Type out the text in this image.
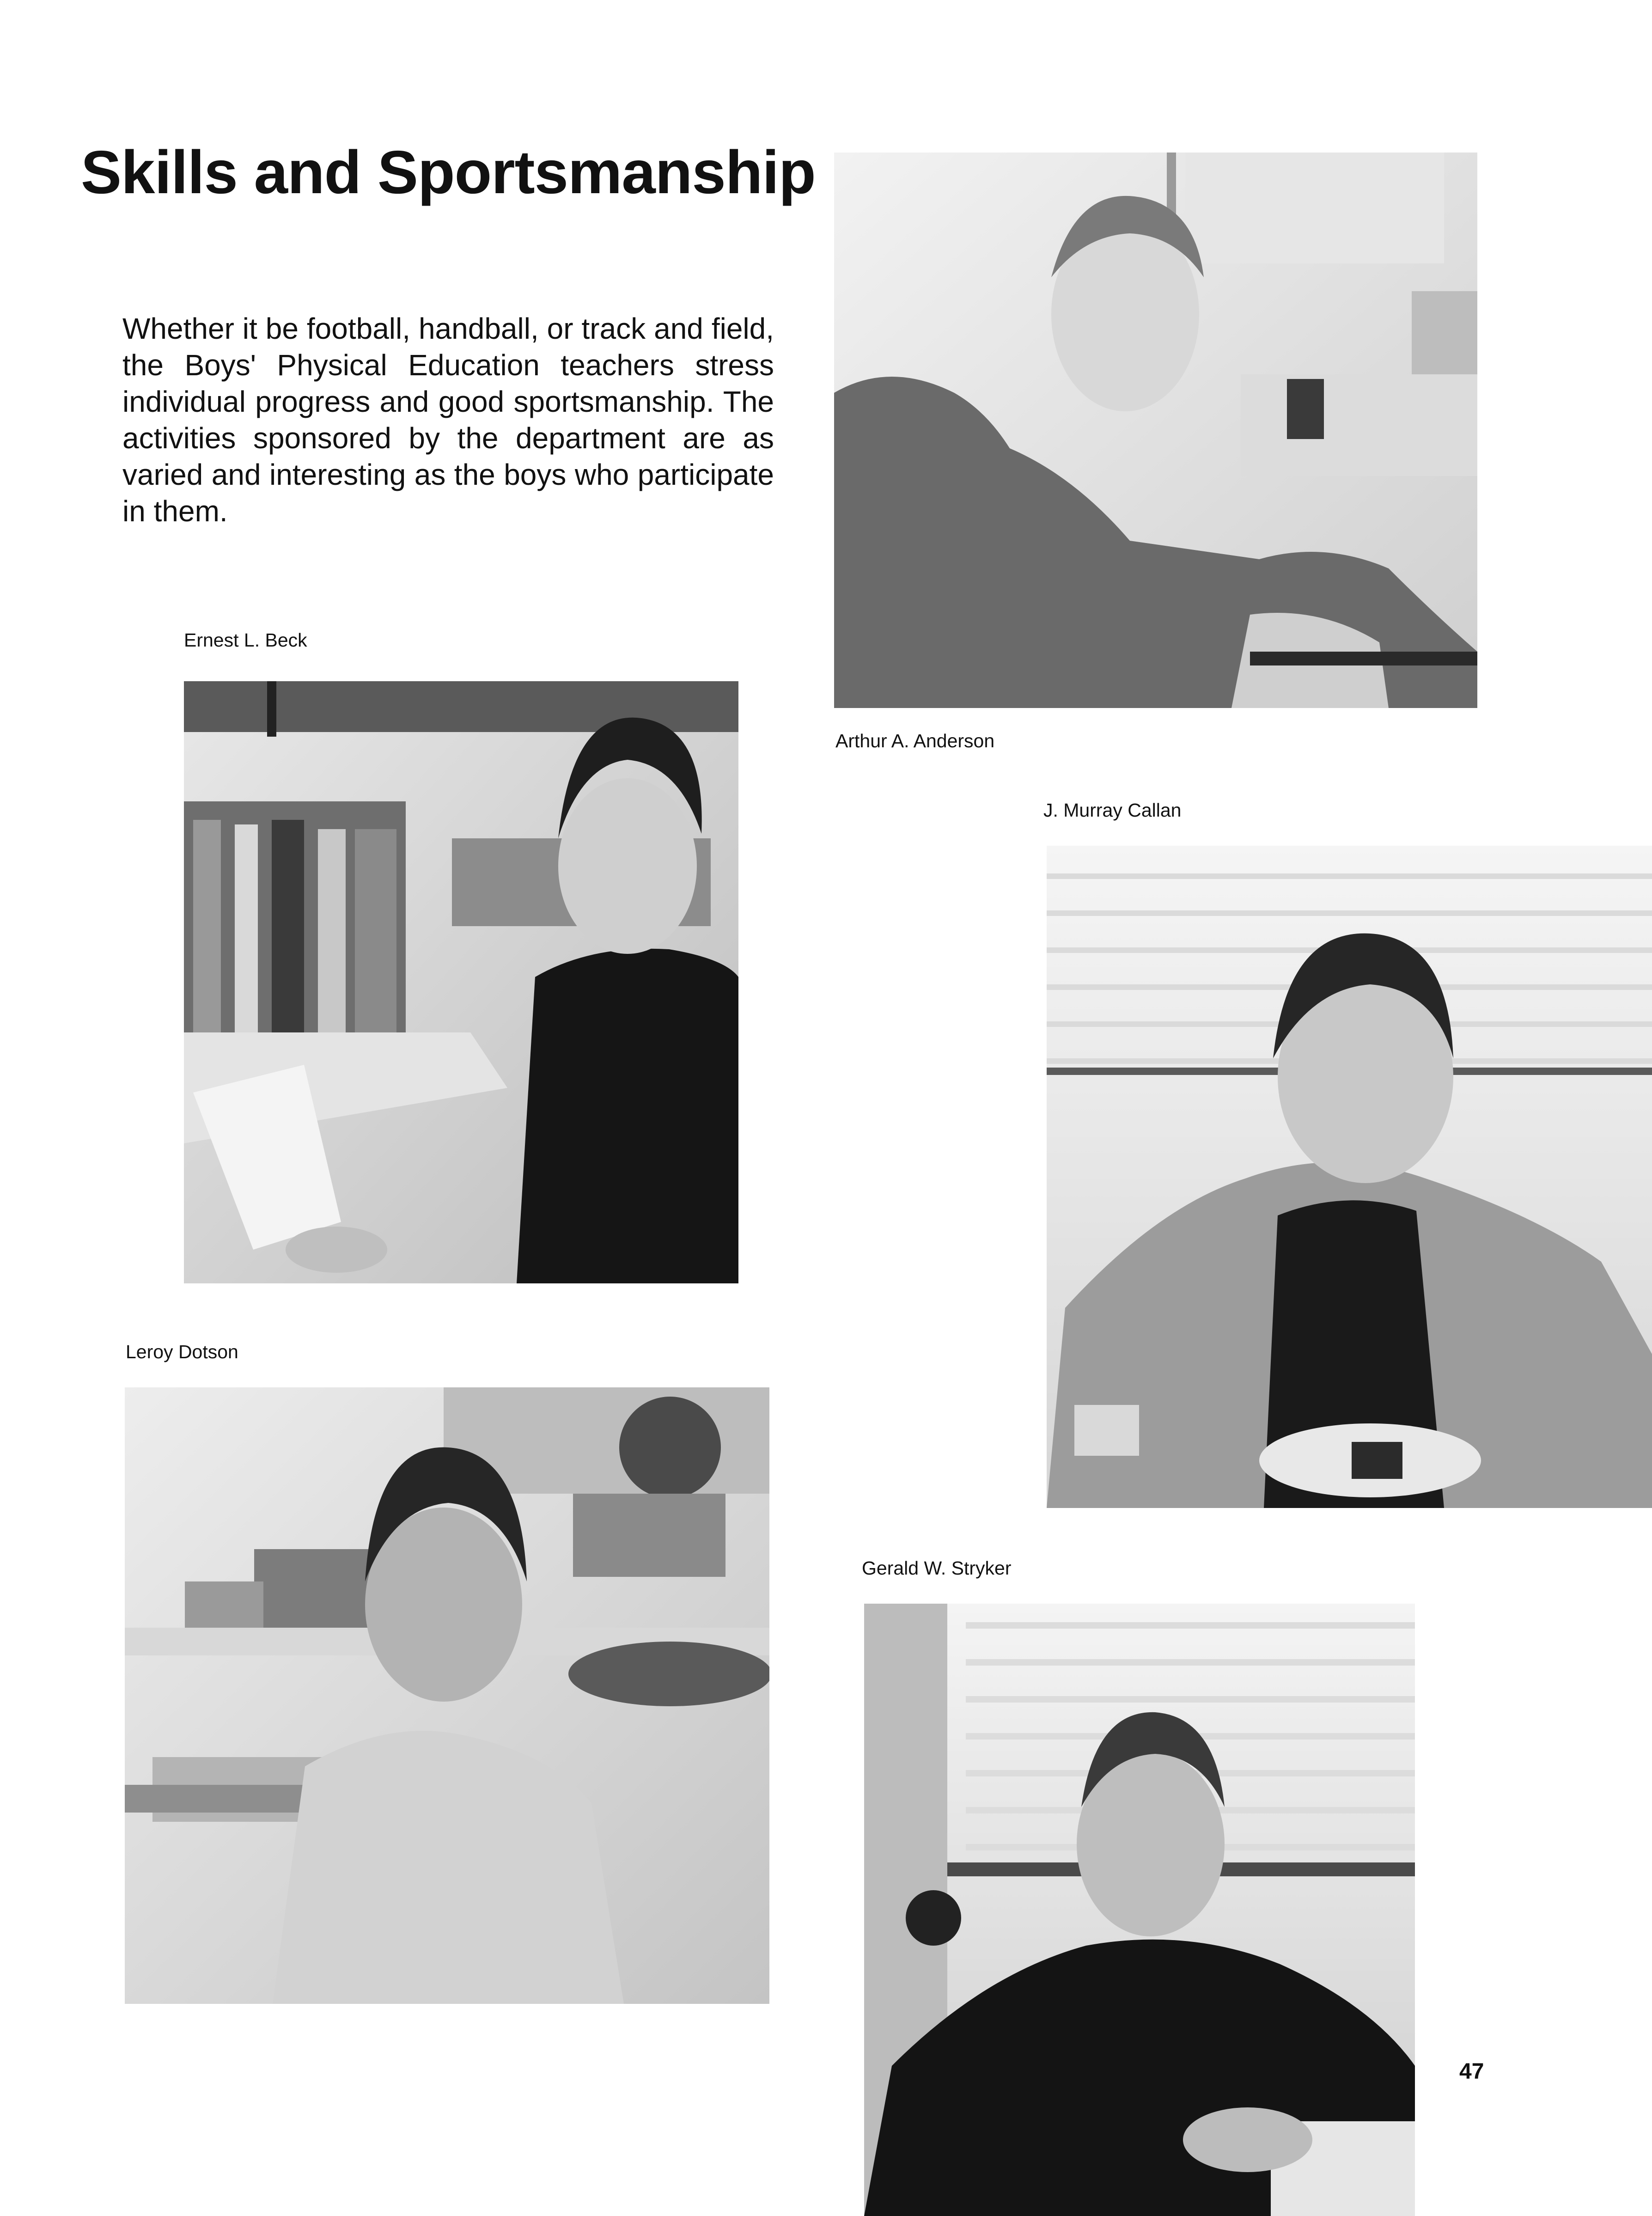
Skills and Sportsmanship

Whether it be football, handball, or track and field, the Boys' Physical Education teachers stress individual progress and good sportsmanship. The activities sponsored by the department are as varied and interesting as the boys who participate in them.

Arthur A. Anderson
Ernest L. Beck
J. Murray Callan
Leroy Dotson
Gerald W. Stryker
47
